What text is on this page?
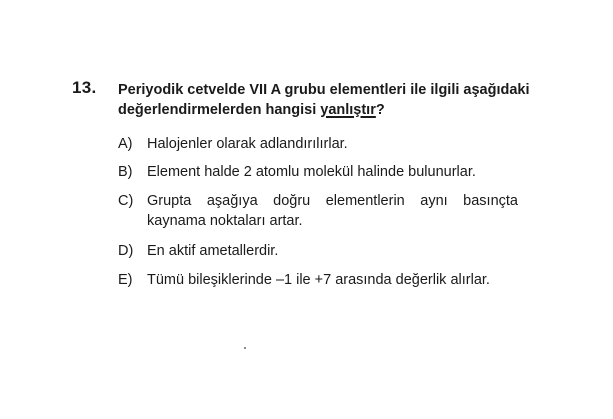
13. Periyodik cetvelde VII A grubu elementleri ile ilgili aşağıdaki değerlendirmelerden hangisi yanlıştır?
A) Halojenler olarak adlandırılırlar.
B) Element halde 2 atomlu molekül halinde bulunurlar.
C) Grupta aşağıya doğru elementlerin aynı basınçta kaynama noktaları artar.
D) En aktif ametallerdir.
E) Tümü bileşiklerinde –1 ile +7 arasında değerlik alırlar.
